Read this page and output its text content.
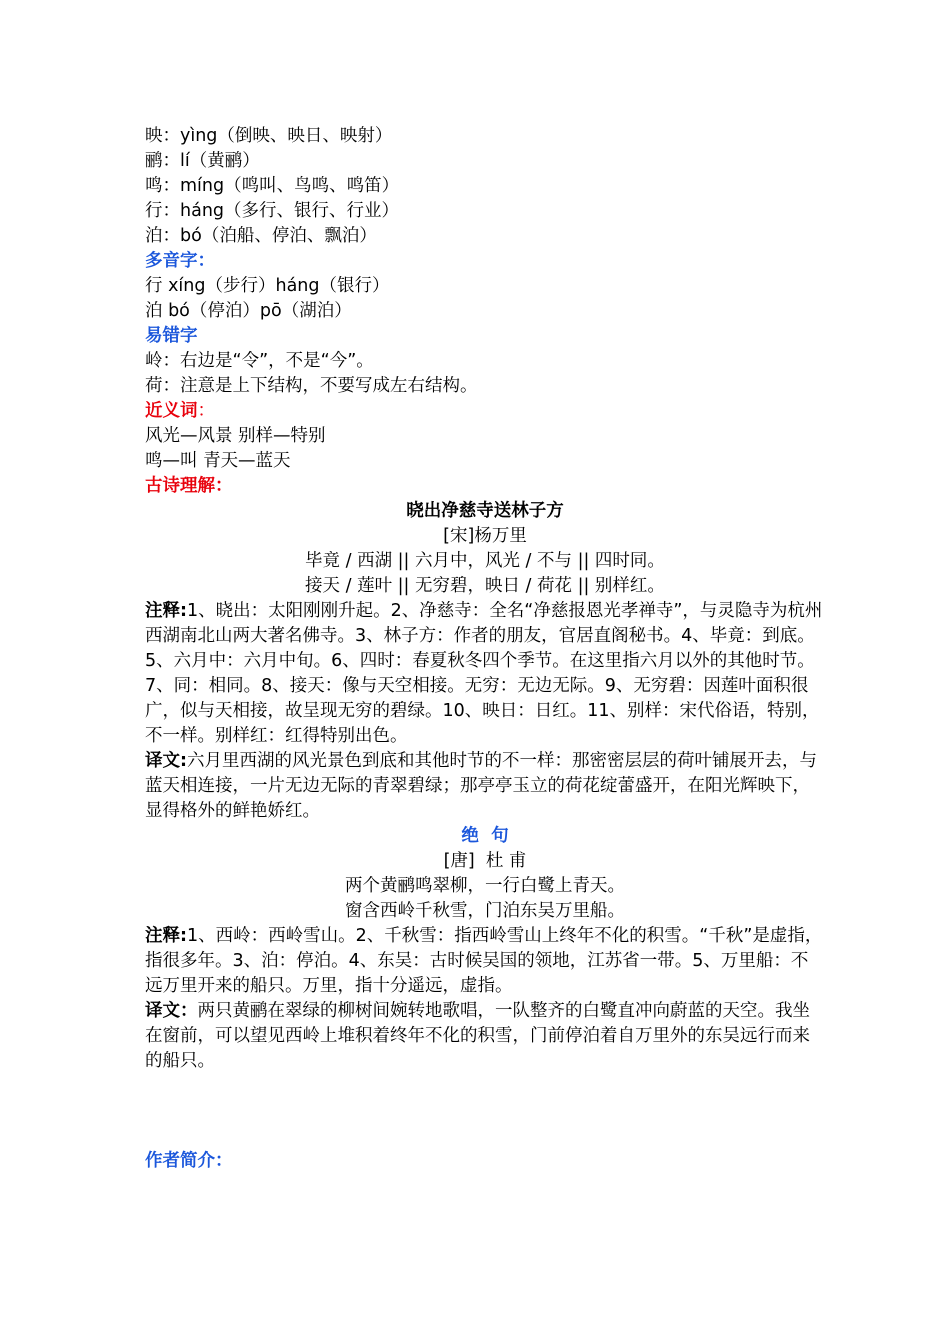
映：yìng（倒映、映日、映射）
鹂：lí（黄鹂）
鸣：míng（鸣叫、鸟鸣、鸣笛）
行：háng（多行、银行、行业）
泊：bó（泊船、停泊、飘泊）
多音字：
行 xíng（步行）háng（银行）
泊 bó（停泊）pō（湖泊）
易错字
岭：右边是“令”，不是“今”。
荷：注意是上下结构，不要写成左右结构。
近义词：
风光—风景 别样—特别
鸣—叫 青天—蓝天
古诗理解：
晓出净慈寺送林子方
[宋]杨万里
毕竟 / 西湖 || 六月中，风光 / 不与 || 四时同。
接天 / 莲叶 || 无穷碧，映日 / 荷花 || 别样红。
注释:1、晓出：太阳刚刚升起。2、净慈寺：全名“净慈报恩光孝禅寺”，与灵隐寺为杭州西湖南北山两大著名佛寺。3、林子方：作者的朋友，官居直阁秘书。4、毕竟：到底。5、六月中：六月中旬。6、四时：春夏秋冬四个季节。在这里指六月以外的其他时节。7、同：相同。8、接天：像与天空相接。无穷：无边无际。9、无穷碧：因莲叶面积很广，似与天相接，故呈现无穷的碧绿。10、映日：日红。11、别样：宋代俗语，特别，不一样。别样红：红得特别出色。
译文:六月里西湖的风光景色到底和其他时节的不一样：那密密层层的荷叶铺展开去，与蓝天相连接，一片无边无际的青翠碧绿；那亭亭玉立的荷花绽蕾盛开，在阳光辉映下，显得格外的鲜艳娇红。
绝  句
[唐]  杜 甫
两个黄鹂鸣翠柳，一行白鹭上青天。
窗含西岭千秋雪，门泊东吴万里船。
注释:1、西岭：西岭雪山。2、千秋雪：指西岭雪山上终年不化的积雪。“千秋”是虚指，指很多年。3、泊：停泊。4、东吴：古时候吴国的领地，江苏省一带。5、万里船：不远万里开来的船只。万里，指十分遥远，虚指。
译文：两只黄鹂在翠绿的柳树间婉转地歌唱，一队整齐的白鹭直冲向蔚蓝的天空。我坐在窗前，可以望见西岭上堆积着终年不化的积雪，门前停泊着自万里外的东吴远行而来的船只。
作者简介：
